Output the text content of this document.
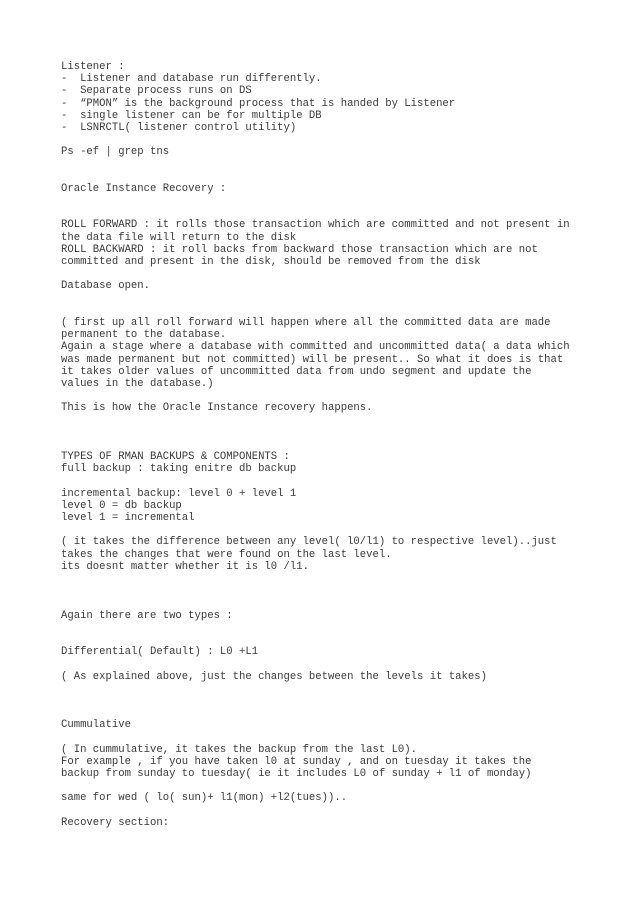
Listener :
-  Listener and database run differently.
-  Separate process runs on DS
-  “PMON” is the background process that is handed by Listener
-  single listener can be for multiple DB
-  LSNRCTL( listener control utility)
Ps -ef | grep tns
Oracle Instance Recovery :
ROLL FORWARD : it rolls those transaction which are committed and not present in
the data file will return to the disk
ROLL BACKWARD : it roll backs from backward those transaction which are not
committed and present in the disk, should be removed from the disk
Database open.
( first up all roll forward will happen where all the committed data are made
permanent to the database.
Again a stage where a database with committed and uncommitted data( a data which
was made permanent but not committed) will be present.. So what it does is that
it takes older values of uncommitted data from undo segment and update the
values in the database.)
This is how the Oracle Instance recovery happens.
TYPES OF RMAN BACKUPS & COMPONENTS :
full backup : taking enitre db backup
incremental backup: level 0 + level 1
level 0 = db backup
level 1 = incremental
( it takes the difference between any level( l0/l1) to respective level)..just
takes the changes that were found on the last level.
its doesnt matter whether it is l0 /l1.
Again there are two types :
Differential( Default) : L0 +L1
( As explained above, just the changes between the levels it takes)
Cummulative
( In cummulative, it takes the backup from the last L0).
For example , if you have taken l0 at sunday , and on tuesday it takes the
backup from sunday to tuesday( ie it includes L0 of sunday + l1 of monday)
same for wed ( lo( sun)+ l1(mon) +l2(tues))..
Recovery section:
